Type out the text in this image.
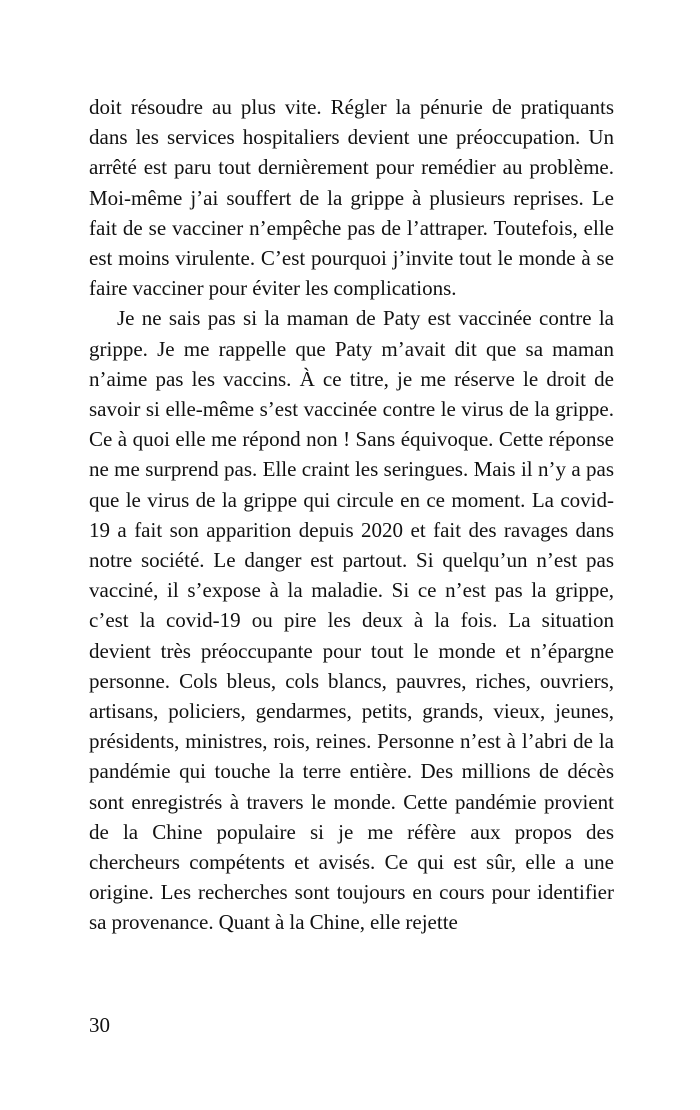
doit résoudre au plus vite. Régler la pénurie de pratiquants dans les services hospitaliers devient une préoccupation. Un arrêté est paru tout dernièrement pour remédier au problème. Moi-même j’ai souffert de la grippe à plusieurs reprises. Le fait de se vacciner n’empêche pas de l’attraper. Toutefois, elle est moins virulente. C’est pourquoi j’invite tout le monde à se faire vacciner pour éviter les complications.

Je ne sais pas si la maman de Paty est vaccinée contre la grippe. Je me rappelle que Paty m’avait dit que sa maman n’aime pas les vaccins. À ce titre, je me réserve le droit de savoir si elle-même s’est vaccinée contre le virus de la grippe. Ce à quoi elle me répond non ! Sans équivoque. Cette réponse ne me surprend pas. Elle craint les seringues. Mais il n’y a pas que le virus de la grippe qui circule en ce moment. La covid-19 a fait son apparition depuis 2020 et fait des ravages dans notre société. Le danger est partout. Si quelqu’un n’est pas vacciné, il s’expose à la maladie. Si ce n’est pas la grippe, c’est la covid-19 ou pire les deux à la fois. La situation devient très préoccupante pour tout le monde et n’épargne personne. Cols bleus, cols blancs, pauvres, riches, ouvriers, artisans, policiers, gendarmes, petits, grands, vieux, jeunes, présidents, ministres, rois, reines. Personne n’est à l’abri de la pandémie qui touche la terre entière. Des millions de décès sont enregistrés à travers le monde. Cette pandémie provient de la Chine populaire si je me réfère aux propos des chercheurs compétents et avisés. Ce qui est sûr, elle a une origine. Les recherches sont toujours en cours pour identifier sa provenance. Quant à la Chine, elle rejette

30
